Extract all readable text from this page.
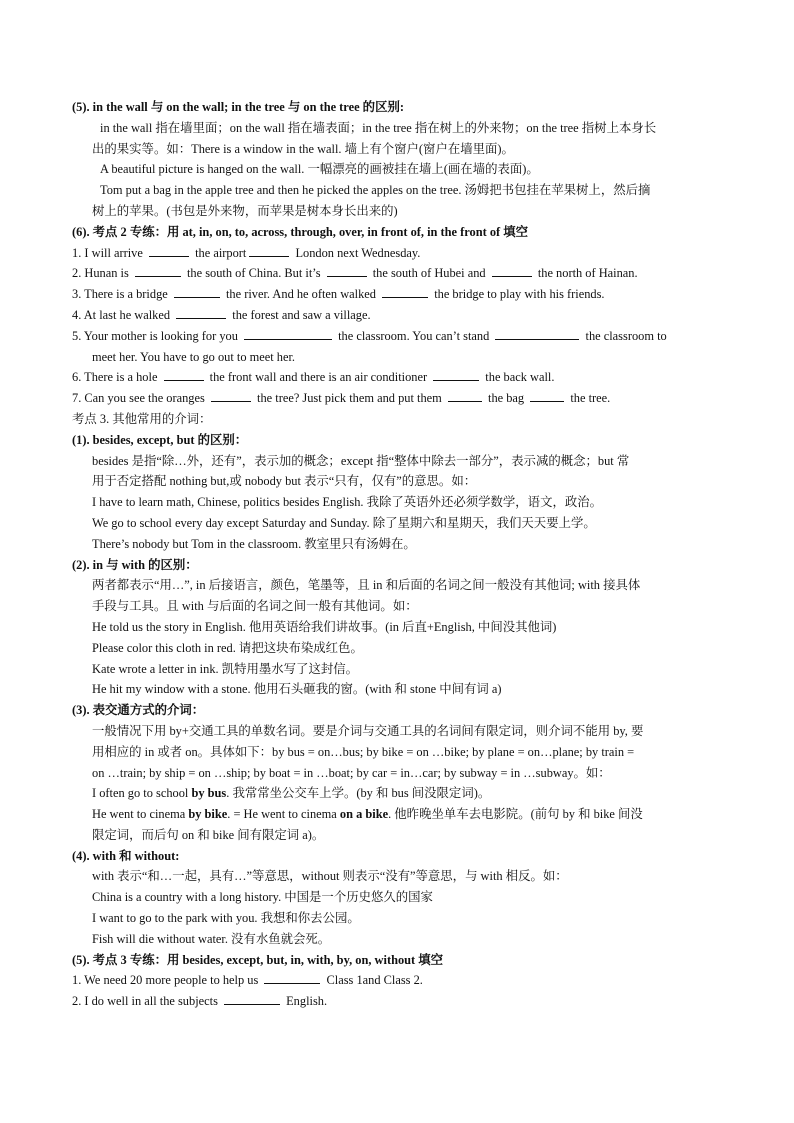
(5). in the wall 与 on the wall; in the tree 与 on the tree 的区别:
in the wall 指在墙里面；on the wall 指在墙表面；in the tree 指在树上的外来物；on the tree 指树上本身长
出的果实等。如：There is a window in the wall. 墙上有个窗户(窗户在墙里面)。
A beautiful picture is hanged on the wall. 一幅漂亮的画被挂在墙上(画在墙的表面)。
Tom put a bag in the apple tree and then he picked the apples on the tree. 汤姆把书包挂在苹果树上，然后摘
树上的苹果。(书包是外来物，而苹果是树本身长出来的)
(6). 考点 2 专练：用 at, in, on, to, across, through, over, in front of, in the front of 填空
1. I will arrive	the airport	London next Wednesday.
2. Hunan is	the south of China. But it’s	the south of Hubei and	the north of Hainan.
3. There is a bridge	the river. And he often walked	the bridge to play with his friends.
4. At last he walked	the forest and saw a village.
5. Your mother is looking for you	the classroom. You can’t stand	the classroom to
meet her. You have to go out to meet her.
6. There is a hole	the front wall and there is an air conditioner	the back wall.
7. Can you see the oranges	the tree? Just pick them and put them	the bag	the tree.
考点 3. 其他常用的介词：
(1). besides, except, but 的区别：
besides 是指“除…外，还有”，表示加的概念；except 指“整体中除去一部分”，表示减的概念；but 常
用于否定搭配 nothing but,或 nobody but 表示“只有，仅有”的意思。如：
I have to learn math, Chinese, politics besides English. 我除了英语外还必须学数学，语文，政治。
We go to school every day except Saturday and Sunday. 除了星期六和星期天，我们天天要上学。
There’s nobody but Tom in the classroom. 教室里只有汤姆在。
(2). in 与 with 的区别：
两者都表示“用…”, in 后接语言，颜色，笔墨等，且 in 和后面的名词之间一般没有其他词; with 接具体
手段与工具。且 with 与后面的名词之间一般有其他词。如：
He told us the story in English. 他用英语给我们讲故事。(in 后直+English, 中间没其他词)
Please color this cloth in red. 请把这块布染成红色。
Kate wrote a letter in ink. 凯特用墨水写了这封信。
He hit my window with a stone. 他用石头砸我的窗。(with 和 stone 中间有词 a)
(3). 表交通方式的介词：
一般情况下用 by+交通工具的单数名词。要是介词与交通工具的名词间有限定词，则介词不能用 by, 要
用相应的 in 或者 on。具体如下：by bus = on…bus; by bike = on …bike; by plane = on…plane; by train =
on …train; by ship = on …ship; by boat = in …boat; by car = in…car; by subway = in …subway。如：
I often go to school by bus. 我常常坐公交车上学。(by 和 bus 间没限定词)。
He went to cinema by bike. = He went to cinema on a bike. 他昨晚坐单车去电影院。(前句 by 和 bike 间没
限定词，而后句 on 和 bike 间有限定词 a)。
(4). with 和 without:
with 表示“和…一起，具有…”等意思，without 则表示“没有”等意思，与 with 相反。如：
China is a country with a long history. 中国是一个历史悠久的国家
I want to go to the park with you. 我想和你去公园。
Fish will die without water. 没有水鱼就会死。
(5). 考点 3 专练：用 besides, except, but, in, with, by, on, without 填空
1. We need 20 more people to help us	Class 1and Class 2.
2. I do well in all the subjects	English.
